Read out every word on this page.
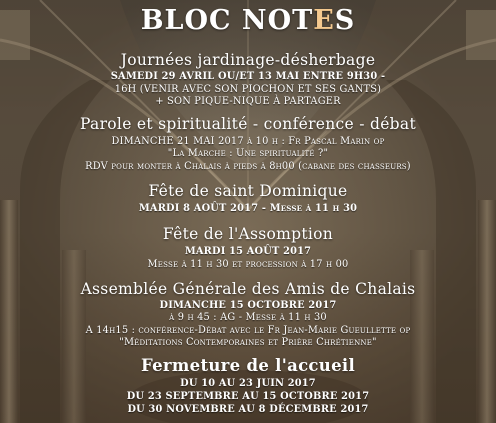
BLOC NOTES
Journées jardinage-désherbage
SAMEDI 29 AVRIL OU/ET 13 MAI ENTRE 9H30 -
16H (VENIR AVEC SON PIOCHON ET SES GANTS)
+ SON PIQUE-NIQUE À PARTAGER
Parole et spiritualité - conférence - débat
DIMANCHE 21 MAI 2017 à 10 h : Fr Pascal Marin op
"La Marche : Une spiritualité ?"
RDV pour monter à Chalais à pieds à 8h00 (cabane des chasseurs)
Fête de saint Dominique
MARDI 8 AOÛT 2017 - Messe à 11 h 30
Fête de l'Assomption
MARDI 15 AOÛT 2017
Messe à 11 h 30 et procession à 17 h 00
Assemblée Générale des Amis de Chalais
DIMANCHE 15 OCTOBRE 2017
à 9 h 45 : AG - Messe à 11 h 30
A 14h15 : conférence-Débat avec le Fr Jean-Marie Gueullette op
"Méditations Contemporaines et Prière Chrétienne"
Fermeture de l'accueil
DU 10 AU 23 JUIN 2017
DU 23 SEPTEMBRE AU 15 OCTOBRE 2017
DU 30 NOVEMBRE AU 8 DÉCEMBRE 2017
